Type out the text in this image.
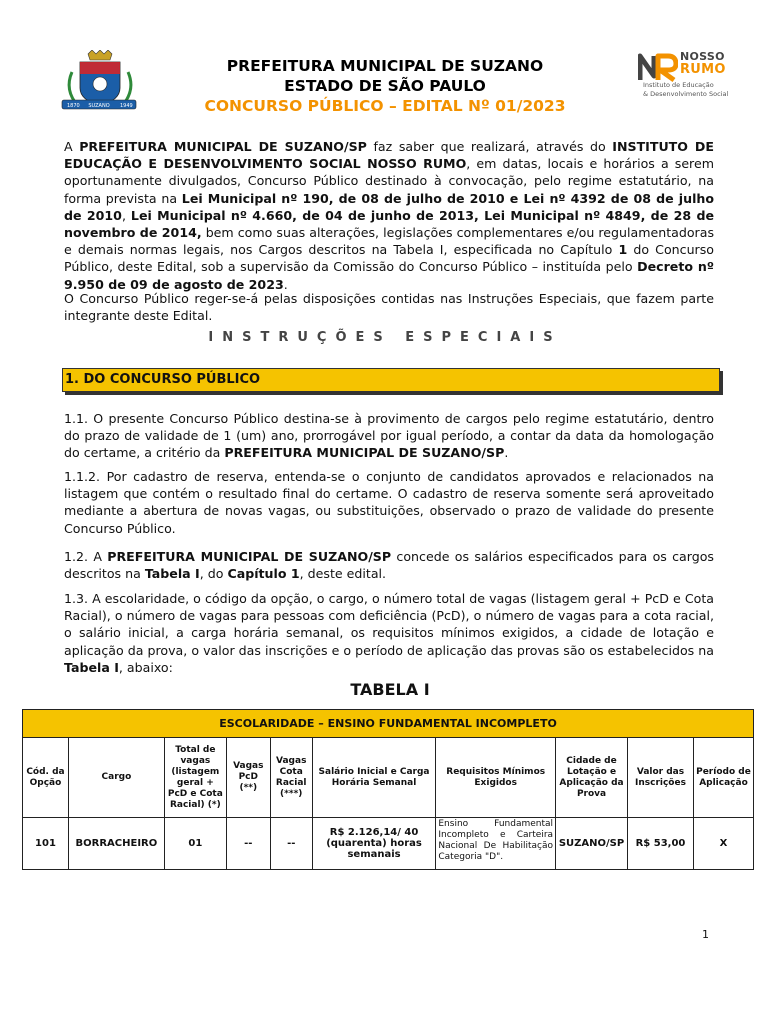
1870 SUZANO 1949
NOSSO
RUMO
Instituto de Educação
& Desenvolvimento Social
PREFEITURA MUNICIPAL DE SUZANO
ESTADO DE SÃO PAULO
CONCURSO PÚBLICO – EDITAL Nº 01/2023

A PREFEITURA MUNICIPAL DE SUZANO/SP faz saber que realizará, através do INSTITUTO DE EDUCAÇÃO E DESENVOLVIMENTO SOCIAL NOSSO RUMO, em datas, locais e horários a serem oportunamente divulgados, Concurso Público destinado à convocação, pelo regime estatutário, na forma prevista na Lei Municipal nº 190, de 08 de julho de 2010 e Lei nº 4392 de 08 de julho de 2010, Lei Municipal nº 4.660, de 04 de junho de 2013, Lei Municipal nº 4849, de 28 de novembro de 2014, bem como suas alterações, legislações complementares e/ou regulamentadoras e demais normas legais, nos Cargos descritos na Tabela I, especificada no Capítulo 1 do Concurso Público, deste Edital, sob a supervisão da Comissão do Concurso Público – instituída pelo Decreto nº 9.950 de 09 de agosto de 2023.

O Concurso Público reger-se-á pelas disposições contidas nas Instruções Especiais, que fazem parte integrante deste Edital.

INSTRUÇÕES ESPECIAIS
1. DO CONCURSO PÚBLICO

1.1. O presente Concurso Público destina-se à provimento de cargos pelo regime estatutário, dentro do prazo de validade de 1 (um) ano, prorrogável por igual período, a contar da data da homologação do certame, a critério da PREFEITURA MUNICIPAL DE SUZANO/SP.

1.1.2. Por cadastro de reserva, entenda-se o conjunto de candidatos aprovados e relacionados na listagem que contém o resultado final do certame. O cadastro de reserva somente será aproveitado mediante a abertura de novas vagas, ou substituições, observado o prazo de validade do presente Concurso Público.

1.2. A PREFEITURA MUNICIPAL DE SUZANO/SP concede os salários especificados para os cargos descritos na Tabela I, do Capítulo 1, deste edital.

1.3. A escolaridade, o código da opção, o cargo, o número total de vagas (listagem geral + PcD e Cota Racial), o número de vagas para pessoas com deficiência (PcD), o número de vagas para a cota racial, o salário inicial, a carga horária semanal, os requisitos mínimos exigidos, a cidade de lotação e aplicação da prova, o valor das inscrições e o período de aplicação das provas são os estabelecidos na Tabela I, abaixo:

TABELA I
ESCOLARIDADE – ENSINO FUNDAMENTAL INCOMPLETO									
Cód. da Opção	Cargo	Total de vagas (listagem geral + PcD e Cota Racial) (*)	Vagas PcD (**)	Vagas Cota Racial (***)	Salário Inicial e Carga Horária Semanal	Requisitos Mínimos Exigidos	Cidade de Lotação e Aplicação da Prova	Valor das Inscrições	Período de Aplicação
101	BORRACHEIRO	01	--	--	R$ 2.126,14/ 40 (quarenta) horas semanais	Ensino Fundamental Incompleto e Carteira Nacional De Habilitação Categoria "D".	SUZANO/SP	R$ 53,00	X
1
